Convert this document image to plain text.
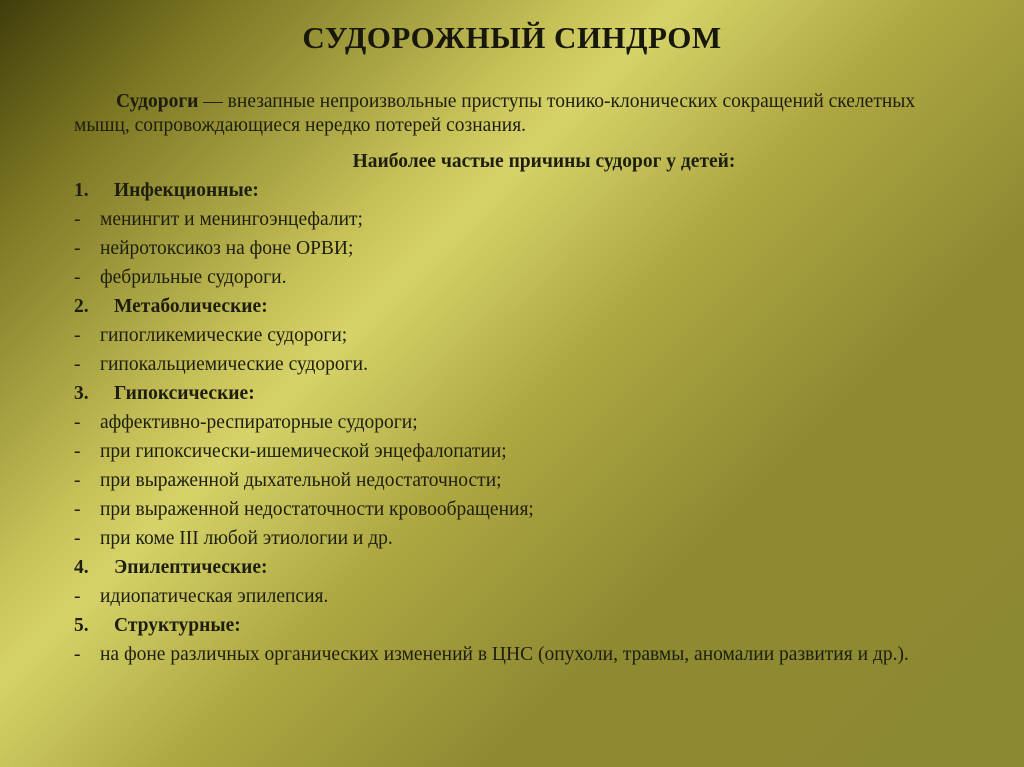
СУДОРОЖНЫЙ СИНДРОМ
Судороги — внезапные непроизвольные приступы тонико-клонических сокращений скелетных мышц, сопровождающиеся нередко потерей сознания.
Наиболее частые причины судорог у детей:
1. Инфекционные:
- менингит и менингоэнцефалит;
- нейротоксикоз на фоне ОРВИ;
- фебрильные судороги.
2. Метаболические:
- гипогликемические судороги;
- гипокальциемические судороги.
3. Гипоксические:
- аффективно-респираторные судороги;
- при гипоксически-ишемической энцефалопатии;
- при выраженной дыхательной недостаточности;
- при выраженной недостаточности кровообращения;
- при коме III любой этиологии и др.
4. Эпилептические:
- идиопатическая эпилепсия.
5. Структурные:
- на фоне различных органических изменений в ЦНС (опухоли, травмы, аномалии развития и др.).
